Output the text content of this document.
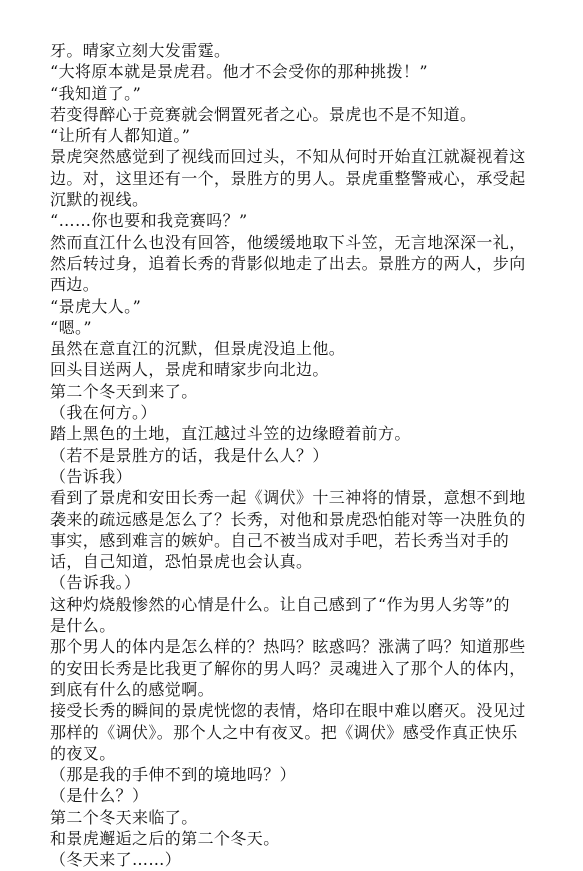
牙。晴家立刻大发雷霆。

“大将原本就是景虎君。他才不会受你的那种挑拨！”

“我知道了。”

若变得醉心于竞赛就会惘置死者之心。景虎也不是不知道。

“让所有人都知道。”

景虎突然感觉到了视线而回过头，不知从何时开始直江就凝视着这边。对，这里还有一个，景胜方的男人。景虎重整警戒心，承受起沉默的视线。

“……你也要和我竞赛吗？”

然而直江什么也没有回答，他缓缓地取下斗笠，无言地深深一礼，然后转过身，追着长秀的背影似地走了出去。景胜方的两人，步向西边。

“景虎大人。”

“嗯。”

虽然在意直江的沉默，但景虎没追上他。

回头目送两人，景虎和晴家步向北边。

第二个冬天到来了。

（我在何方。）

踏上黑色的土地，直江越过斗笠的边缘瞪着前方。

（若不是景胜方的话，我是什么人？）

（告诉我）

看到了景虎和安田长秀一起《调伏》十三神将的情景，意想不到地袭来的疏远感是怎么了？长秀，对他和景虎恐怕能对等一决胜负的事实，感到难言的嫉妒。自己不被当成对手吧，若长秀当对手的话，自己知道，恐怕景虎也会认真。

（告诉我。）

这种灼烧般惨然的心情是什么。让自己感到了“作为男人劣等”的是什么。

那个男人的体内是怎么样的？热吗？眩惑吗？涨满了吗？知道那些的安田长秀是比我更了解你的男人吗？灵魂进入了那个人的体内，到底有什么的感觉啊。

接受长秀的瞬间的景虎恍惚的表情，烙印在眼中难以磨灭。没见过那样的《调伏》。那个人之中有夜叉。把《调伏》感受作真正快乐的夜叉。

（那是我的手伸不到的境地吗？）

（是什么？）

第二个冬天来临了。

和景虎邂逅之后的第二个冬天。

（冬天来了……）
